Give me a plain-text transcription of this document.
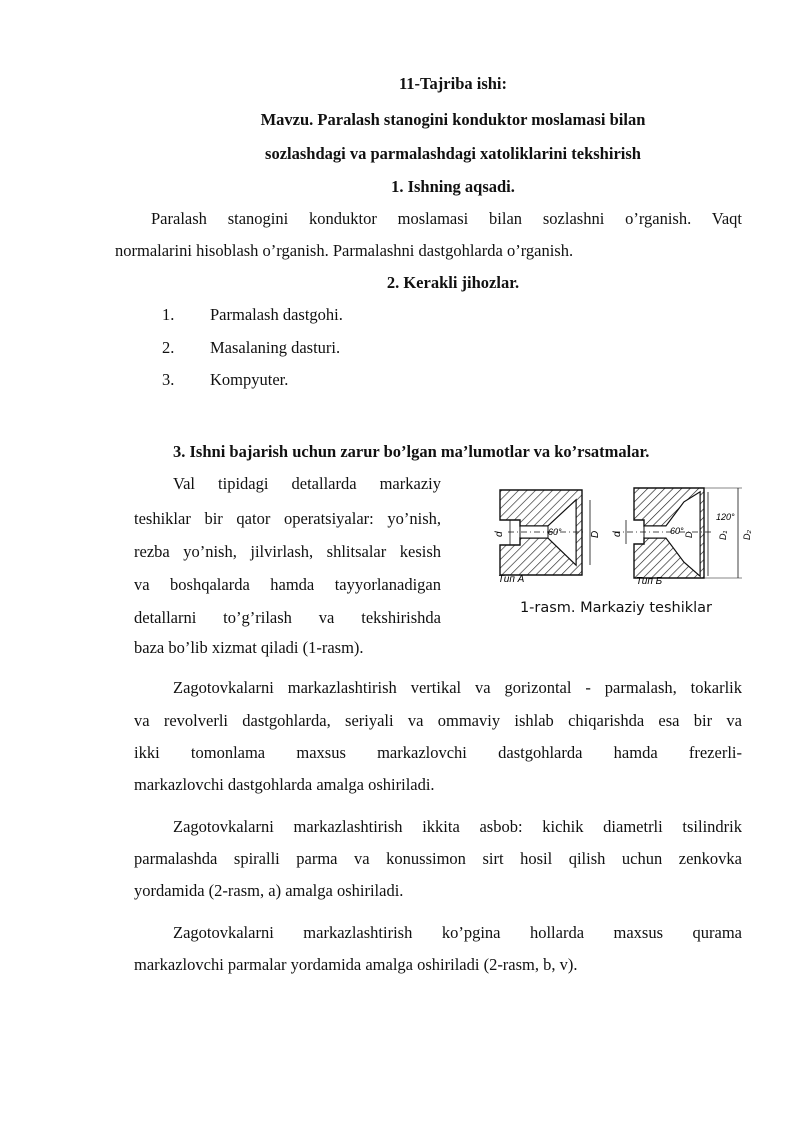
11-Tajriba ishi:
Mavzu. Paralash stanogini konduktor moslamasi bilan
sozlashdagi va parmalashdagi xatoliklarini tekshirish
1. Ishning aqsadi.
Paralash stanogini konduktor moslamasi bilan sozlashni o’rganish. Vaqt
normalarini hisoblash o’rganish. Parmalashni dastgohlarda o’rganish.
2. Kerakli jihozlar.
1. Parmalash dastgohi.
2. Masalaning dasturi.
3. Kompyuter.
3. Ishni bajarish uchun zarur bo’lgan ma’lumotlar va ko’rsatmalar.
Val tipidagi detallarda markaziy
teshiklar bir qator operatsiyalar: yo’nish,
rezba yo’nish, jilvirlash, shlitsalar kesish
va boshqalarda hamda tayyorlanadigan
detallarni to’g’rilash va tekshirishda
baza bo’lib xizmat qiladi (1-rasm).
d	60°	D
Тип А
d	60°
120°
D	D₁ D₂
Тип Б
1-rasm. Markaziy teshiklar
Zagotovkalarni markazlashtirish vertikal va gorizontal - parmalash, tokarlik
va revolverli dastgohlarda, seriyali va ommaviy ishlab chiqarishda esa bir va
ikki tomonlama maxsus markazlovchi dastgohlarda hamda frezerli-
markazlovchi dastgohlarda amalga oshiriladi.
Zagotovkalarni markazlashtirish ikkita asbob: kichik diametrli tsilindrik
parmalashda spiralli parma va konussimon sirt hosil qilish uchun zenkovka
yordamida (2-rasm, a) amalga oshiriladi.
Zagotovkalarni markazlashtirish ko’pgina hollarda maxsus qurama
markazlovchi parmalar yordamida amalga oshiriladi (2-rasm, b, v).
